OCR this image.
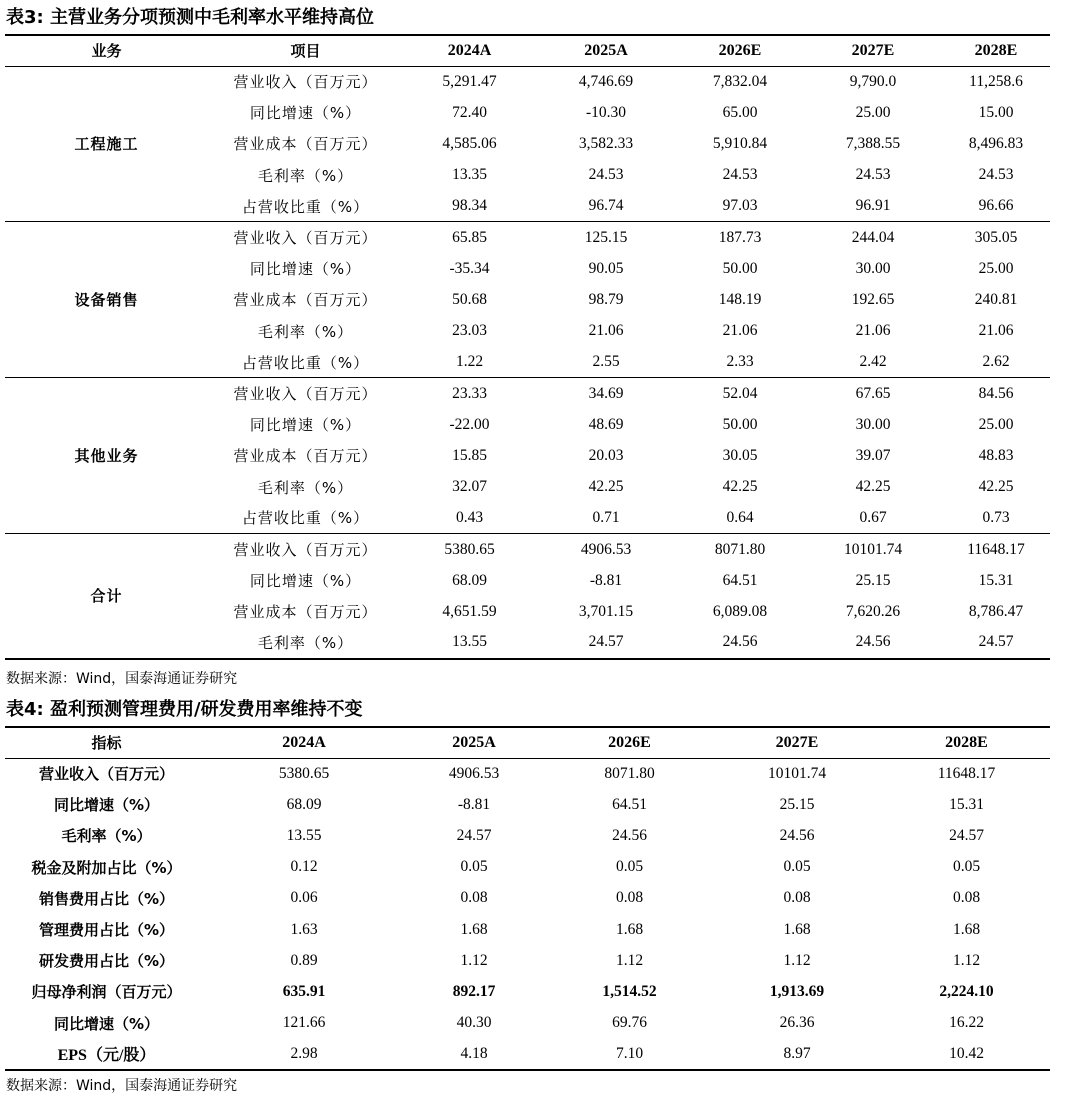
表3: 主营业务分项预测中毛利率水平维持高位
业务	项目	2024A	2025A	2026E	2027E	2028E
工程施工	营业收入（百万元）	5,291.47	4,746.69	7,832.04	9,790.0	11,258.6
	同比增速（%）	72.40	-10.30	65.00	25.00	15.00
	营业成本（百万元）	4,585.06	3,582.33	5,910.84	7,388.55	8,496.83
	毛利率（%）	13.35	24.53	24.53	24.53	24.53
	占营收比重（%）	98.34	96.74	97.03	96.91	96.66
设备销售	营业收入（百万元）	65.85	125.15	187.73	244.04	305.05
	同比增速（%）	-35.34	90.05	50.00	30.00	25.00
	营业成本（百万元）	50.68	98.79	148.19	192.65	240.81
	毛利率（%）	23.03	21.06	21.06	21.06	21.06
	占营收比重（%）	1.22	2.55	2.33	2.42	2.62
其他业务	营业收入（百万元）	23.33	34.69	52.04	67.65	84.56
	同比增速（%）	-22.00	48.69	50.00	30.00	25.00
	营业成本（百万元）	15.85	20.03	30.05	39.07	48.83
	毛利率（%）	32.07	42.25	42.25	42.25	42.25
	占营收比重（%）	0.43	0.71	0.64	0.67	0.73
合计	营业收入（百万元）	5380.65	4906.53	8071.80	10101.74	11648.17
	同比增速（%）	68.09	-8.81	64.51	25.15	15.31
	营业成本（百万元）	4,651.59	3,701.15	6,089.08	7,620.26	8,786.47
	毛利率（%）	13.55	24.57	24.56	24.56	24.57
数据来源：Wind，国泰海通证券研究
表4: 盈利预测管理费用/研发费用率维持不变
指标	2024A	2025A	2026E	2027E	2028E
营业收入（百万元）	5380.65	4906.53	8071.80	10101.74	11648.17
同比增速（%）	68.09	-8.81	64.51	25.15	15.31
毛利率（%）	13.55	24.57	24.56	24.56	24.57
税金及附加占比（%）	0.12	0.05	0.05	0.05	0.05
销售费用占比（%）	0.06	0.08	0.08	0.08	0.08
管理费用占比（%）	1.63	1.68	1.68	1.68	1.68
研发费用占比（%）	0.89	1.12	1.12	1.12	1.12
归母净利润（百万元）	635.91	892.17	1,514.52	1,913.69	2,224.10
同比增速（%）	121.66	40.30	69.76	26.36	16.22
EPS（元/股）	2.98	4.18	7.10	8.97	10.42
数据来源：Wind，国泰海通证券研究
